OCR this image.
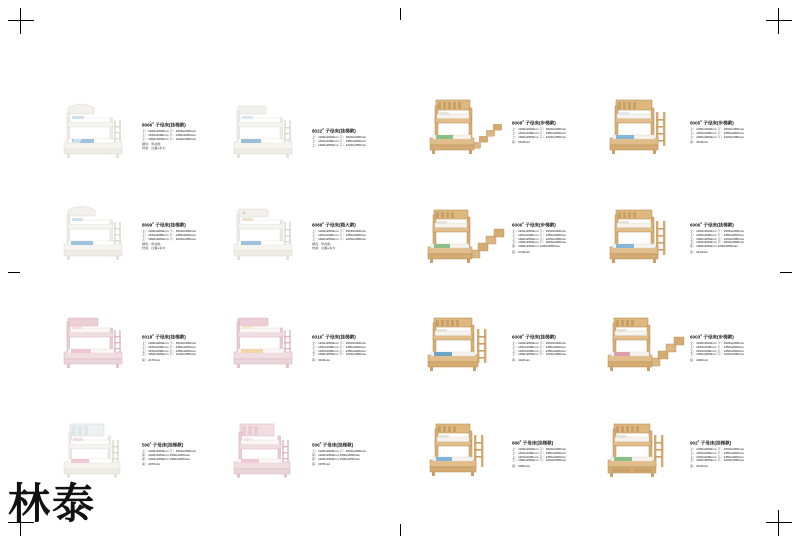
8066# 子母床(挂梯款)
上：1200x2000mm 下：1500x2000mm
上：1150x2000mm 下：1350x2000mm
上：1000x2050mm 下：1200x2050mm
颜色：奶油色
材质：白蜡+实木
8022# 子母床(挂梯款)
上：1200x2000mm 下：1500x2000mm
上：1150x2000mm 下：1350x2000mm
上：1000x2050mm 下：1200x2050mm
8008# 子母床(步梯款)
上：1200x2000mm 下：1500x2000mm
上：1150x2000mm 下：1350x2000mm
上：1000x2050mm 下：1200x2050mm
床：3100mm
6005# 子母床(步梯款)
上：1200x1900mm 下：1500x1900mm
上：1150x2000mm 下：1350x2000mm
上：1000x2050mm 下：1200x2050mm
床：3100mm
8099# 子母床(挂梯款)
上：1200x2000mm 下：1500x2000mm
上：1150x2000mm 下：1350x2000mm
上：1000x2050mm 下：1200x2050mm
颜色：奶油色
材质：白蜡+实木
8088# 子母床(箱大款)
上：1200x2000mm 下：1500x2000mm
上：1150x2000mm 下：1350x2000mm
上：1000x2050mm 下：1200x2050mm
颜色：奶油色
材质：白蜡+实木
6006# 子母床(步梯款)
上：1200x2000mm 下：1500x2000mm
上：1150x2000mm 下：1350x2000mm
上：1000x2050mm 下：1200x2050mm
上：1200x2000mm 下：1500x2000mm
床：2000x2050mm 1200x2050mm
床：2720mm
6006# 子母床(挂梯款)
上：1200x2000mm 下：1500x2000mm
上：1150x2000mm 下：1350x2000mm
上：1000x2050mm 下：1200x2050mm
上：1200x2000mm 下：1500x2000mm
床：1000x2050mm 1200x2050mm
床：2110mm
6018# 子母床(挂梯款)
上：1200x2000mm 下：1500x2000mm
上：1150x2000mm 下：1350x2000mm
上：1150x2000mm 下：1350x2000mm
上：1000x2050mm 下：1200x2050mm
床：2170mm
6016# 子母床(挂梯款)
上：1200x2000mm 下：1500x2000mm
上：1150x2000mm 下：1350x2000mm
上：1150x2000mm 下：1350x2000mm
上：1000x2050mm 下：1200x2050mm
床：3100mm
6008# 子母床(挂梯款)
上：1200x2000mm 下：1500x2000mm
上：1150x2000mm 下：1350x2000mm
上：1150x2000mm 下：1350x2000mm
上：1000x2050mm 下：1200x2050mm
床：1140mm
6003# 子母床(步梯款)
上：1200x2000mm 下：1500x2000mm
上：1150x2000mm 下：1350x2000mm
上：1150x2000mm 下：1350x2000mm
上：1000x2050mm 下：1200x2050mm
床：2400mm
506# 子母床(挂梯款)
上：1200x2000mm 下：1500x2000mm
床：1200x1950mm 1500x2050mm
床：1200x1950mm 1500x2050mm
床：2070mm
506# 子母床(挂梯款)
上：1200x2000mm 下：1500x2000mm
床：1200x1950mm 1500x2050mm
床：1200x1950mm 1500x2050mm
床：2070mm
666# 子母床(挂梯款)
上：1200x2000mm 下：1500x2000mm
上：1150x2000mm 下：1350x2000mm
上：1150x2000mm 下：1350x2000mm
上：1000x2050mm 下：1200x2050mm
床：2060mm
902# 子母床(挂梯款)
上：1200x2000mm 下：1500x2000mm
上：1150x2000mm 下：1350x2000mm
上：1150x2000mm 下：1350x2000mm
上：1000x2050mm 下：1200x2050mm
床：2100mm
林泰
